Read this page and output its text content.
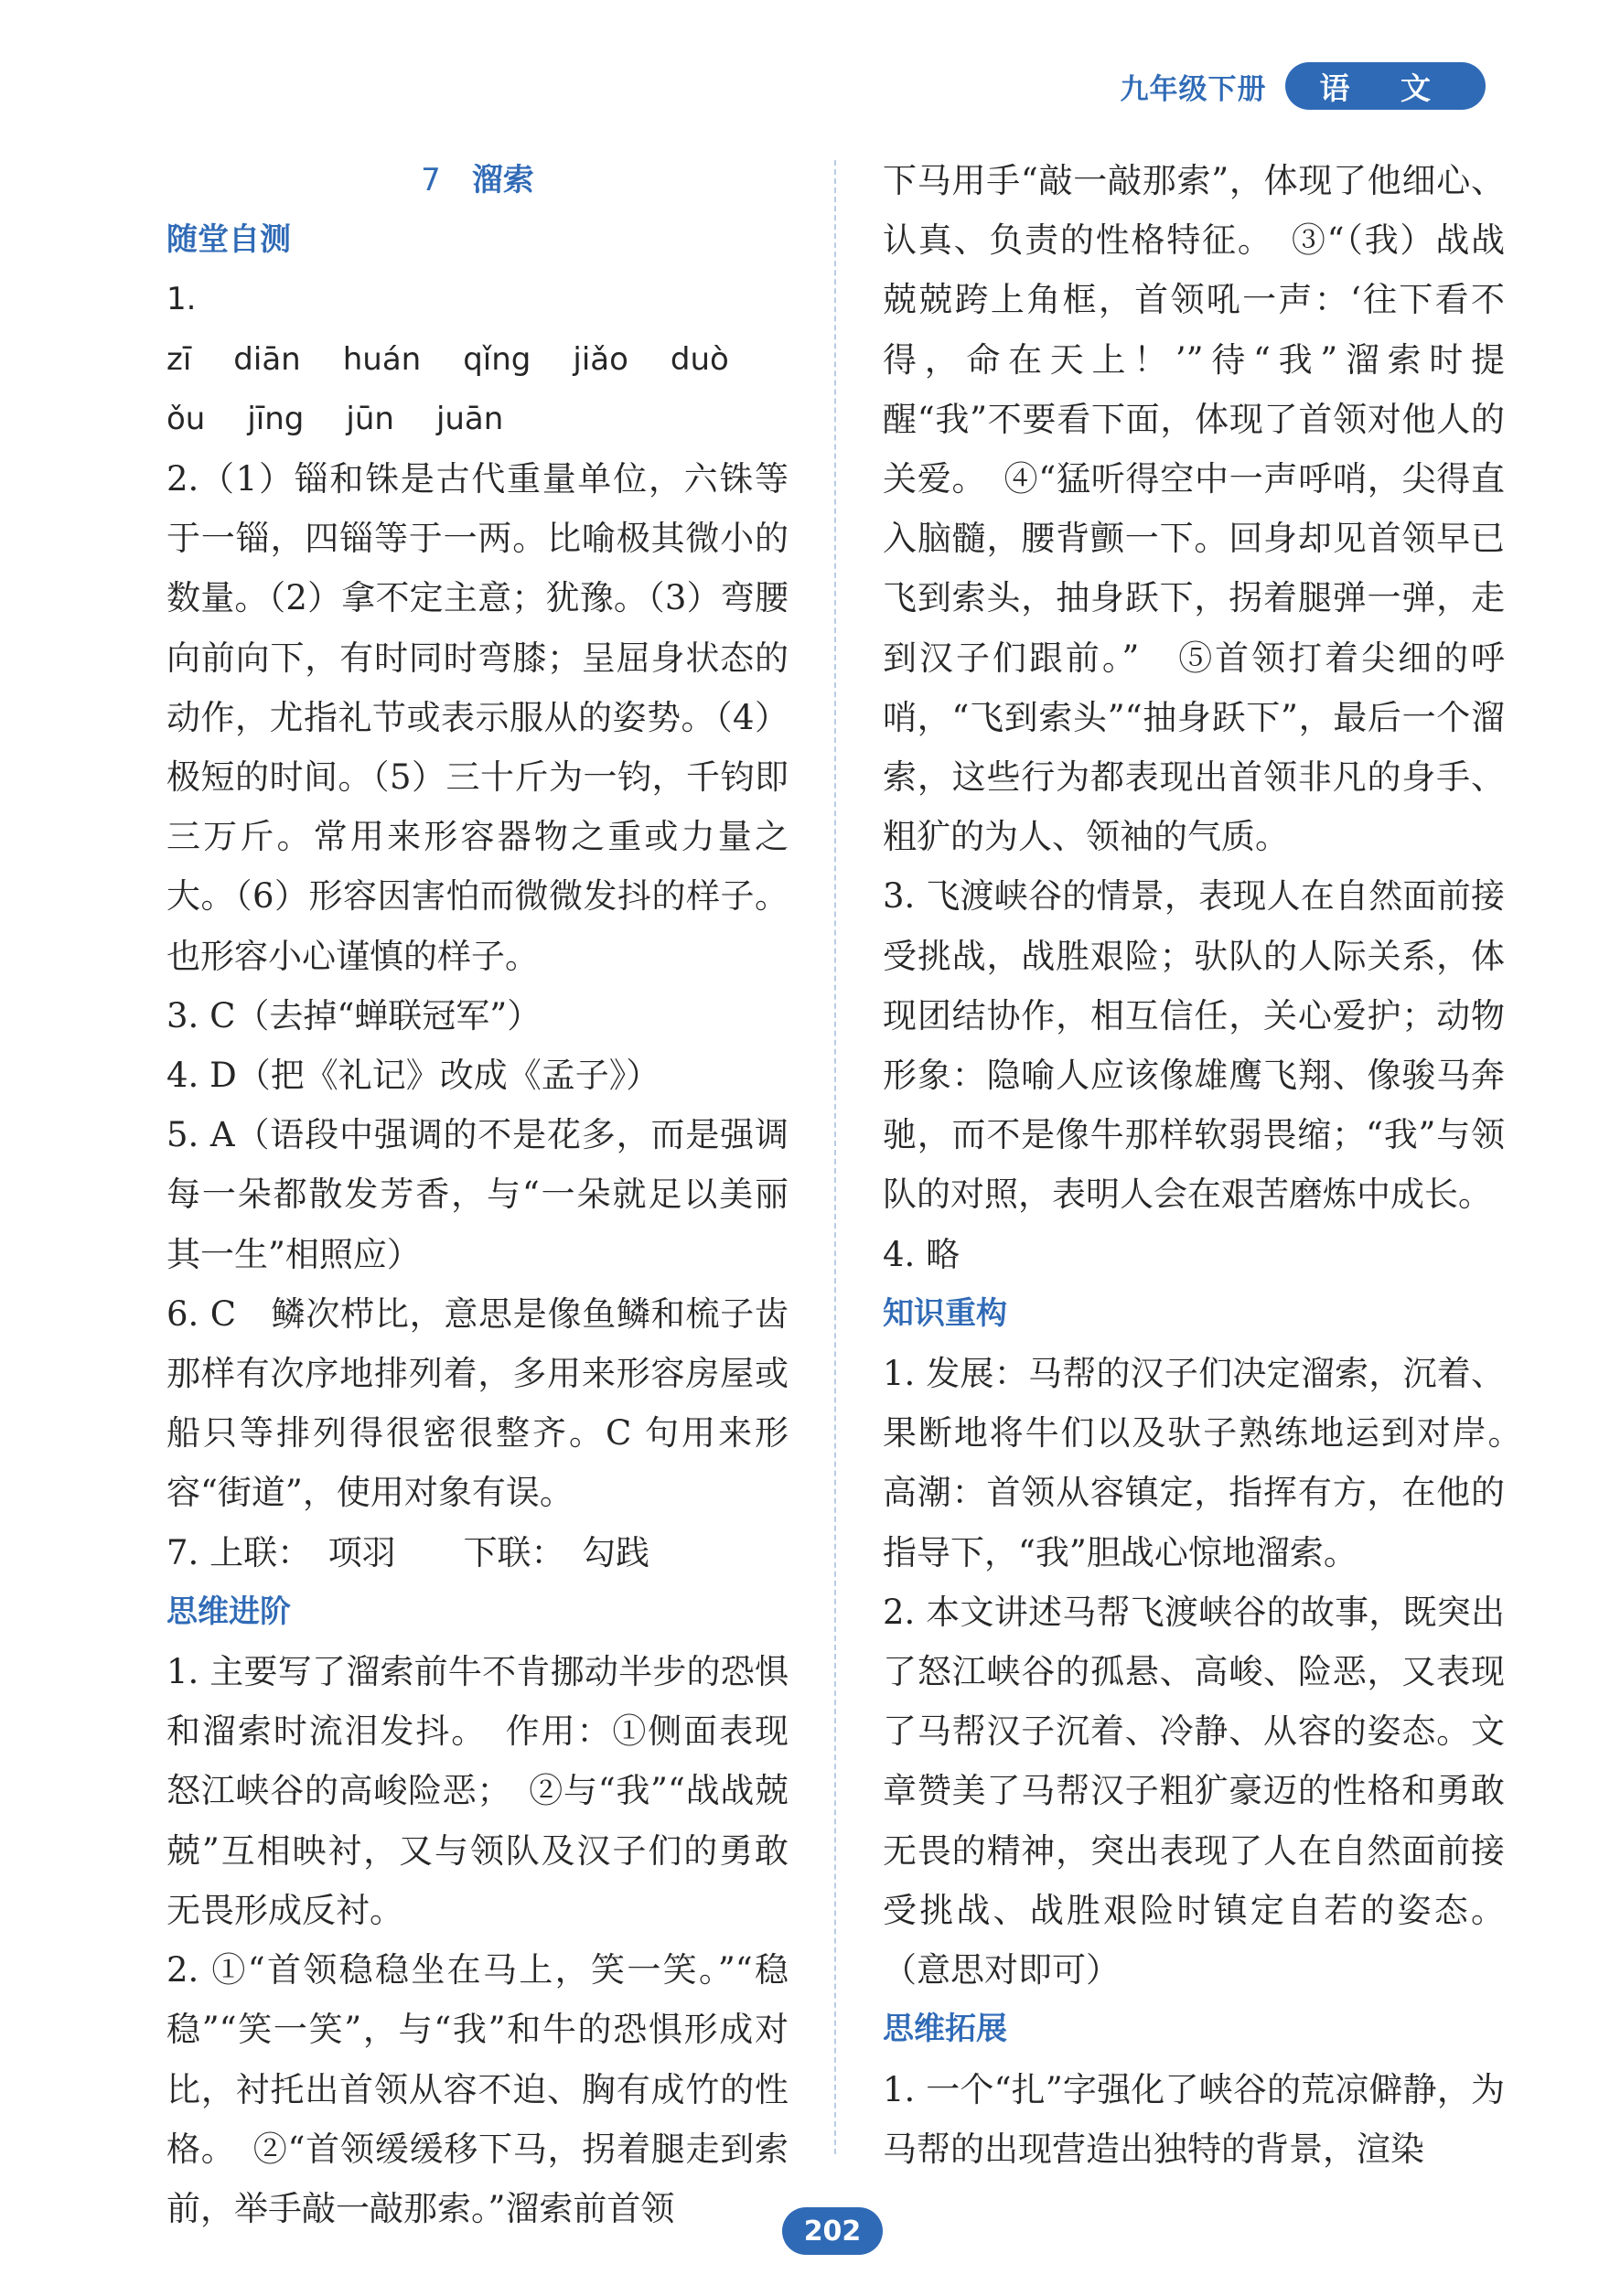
九年级下册	语 文

7 溜索

随堂自测

1. zī diān huán qǐng jiǎo duò

ǒu jīng jūn juān

2.（1）锱和铢是古代重量单位，六铢等于一锱，四锱等于一两。比喻极其微小的数量。（2）拿不定主意；犹豫。（3）弯腰向前向下，有时同时弯膝；呈屈身状态的动作，尤指礼节或表示服从的姿势。（4）极短的时间。（5）三十斤为一钧，千钧即三万斤。常用来形容器物之重或力量之大。（6）形容因害怕而微微发抖的样子。也形容小心谨慎的样子。

3. C（去掉“蝉联冠军”）

4. D（把《礼记》改成《孟子》）

5. A（语段中强调的不是花多，而是强调每一朵都散发芳香，与“一朵就足以美丽其一生”相照应）

6. C　鳞次栉比，意思是像鱼鳞和梳子齿那样有次序地排列着，多用来形容房屋或船只等排列得很密很整齐。C 句用来形容“街道”，使用对象有误。

7. 上联：　项羽　　下联：　勾践

思维进阶

1. 主要写了溜索前牛不肯挪动半步的恐惧和溜索时流泪发抖。　作用：①侧面表现怒江峡谷的高峻险恶；　②与“我”“战战兢兢”互相映衬，又与领队及汉子们的勇敢无畏形成反衬。

2. ①“首领稳稳坐在马上，笑一笑。”“稳稳”“笑一笑”，与“我”和牛的恐惧形成对比，衬托出首领从容不迫、胸有成竹的性格。　②“首领缓缓移下马，拐着腿走到索前，举手敲一敲那索。”溜索前首领

下马用手“敲一敲那索”，体现了他细心、认真、负责的性格特征。　③“（我）战战兢兢跨上角框，首领吼一声：‘往下看不得，命在天上！’”待“我”溜索时提醒“我”不要看下面，体现了首领对他人的关爱。　④“猛听得空中一声呼哨，尖得直入脑髓，腰背颤一下。回身却见首领早已飞到索头，抽身跃下，拐着腿弹一弹，走到汉子们跟前。”　⑤首领打着尖细的呼哨，“飞到索头”“抽身跃下”，最后一个溜索，这些行为都表现出首领非凡的身手、粗犷的为人、领袖的气质。

3. 飞渡峡谷的情景，表现人在自然面前接受挑战，战胜艰险；驮队的人际关系，体现团结协作，相互信任，关心爱护；动物形象：隐喻人应该像雄鹰飞翔、像骏马奔驰，而不是像牛那样软弱畏缩；“我”与领队的对照，表明人会在艰苦磨炼中成长。

4. 略

知识重构

1. 发展：马帮的汉子们决定溜索，沉着、果断地将牛们以及驮子熟练地运到对岸。　高潮：首领从容镇定，指挥有方，在他的指导下，“我”胆战心惊地溜索。

2. 本文讲述马帮飞渡峡谷的故事，既突出了怒江峡谷的孤悬、高峻、险恶，又表现了马帮汉子沉着、冷静、从容的姿态。文章赞美了马帮汉子粗犷豪迈的性格和勇敢无畏的精神，突出表现了人在自然面前接受挑战、战胜艰险时镇定自若的姿态。（意思对即可）

思维拓展

1. 一个“扎”字强化了峡谷的荒凉僻静，为马帮的出现营造出独特的背景，渲染

202
